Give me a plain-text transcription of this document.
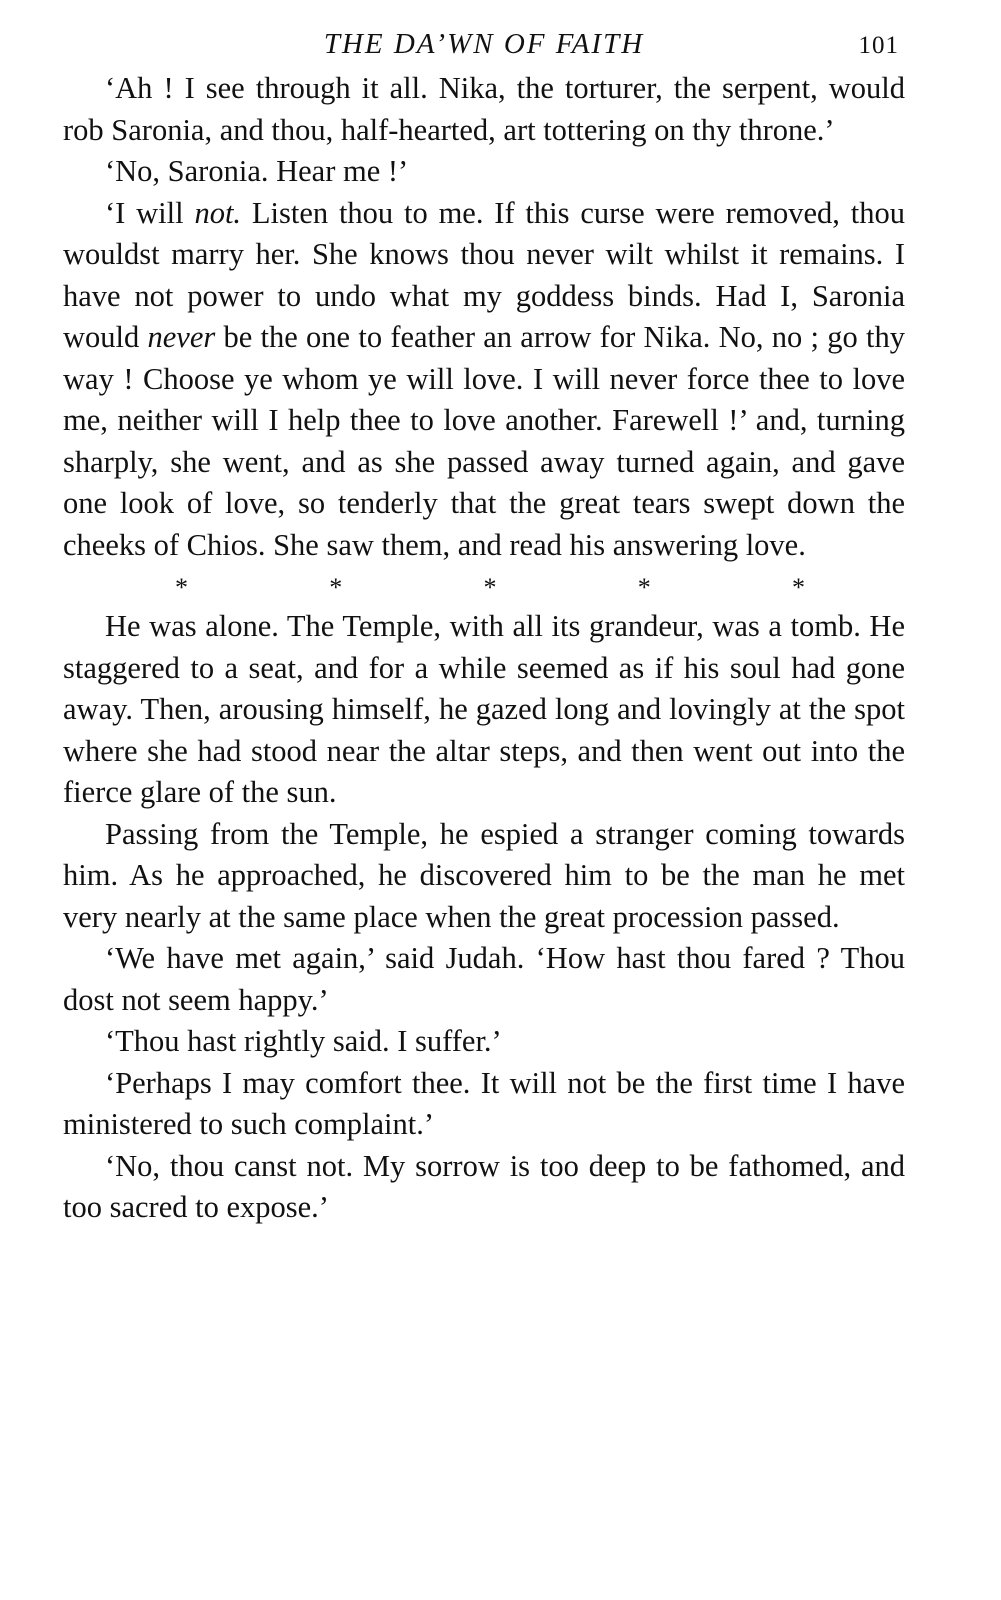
THE DA’WN OF FAITH	101

‘Ah ! I see through it all. Nika, the torturer, the serpent, would rob Saronia, and thou, half-hearted, art tottering on thy throne.’

‘No, Saronia. Hear me !’

‘I will not. Listen thou to me. If this curse were removed, thou wouldst marry her. She knows thou never wilt whilst it remains. I have not power to undo what my goddess binds. Had I, Saronia would never be the one to feather an arrow for Nika. No, no ; go thy way ! Choose ye whom ye will love. I will never force thee to love me, neither will I help thee to love another. Farewell !’ and, turning sharply, she went, and as she passed away turned again, and gave one look of love, so tenderly that the great tears swept down the cheeks of Chios. She saw them, and read his answering love.

*	*	*	*	*

He was alone. The Temple, with all its grandeur, was a tomb. He staggered to a seat, and for a while seemed as if his soul had gone away. Then, arousing himself, he gazed long and lovingly at the spot where she had stood near the altar steps, and then went out into the fierce glare of the sun.

Passing from the Temple, he espied a stranger coming towards him. As he approached, he discovered him to be the man he met very nearly at the same place when the great procession passed.

‘We have met again,’ said Judah. ‘How hast thou fared ? Thou dost not seem happy.’

‘Thou hast rightly said. I suffer.’

‘Perhaps I may comfort thee. It will not be the first time I have ministered to such complaint.’

‘No, thou canst not. My sorrow is too deep to be fathomed, and too sacred to expose.’
